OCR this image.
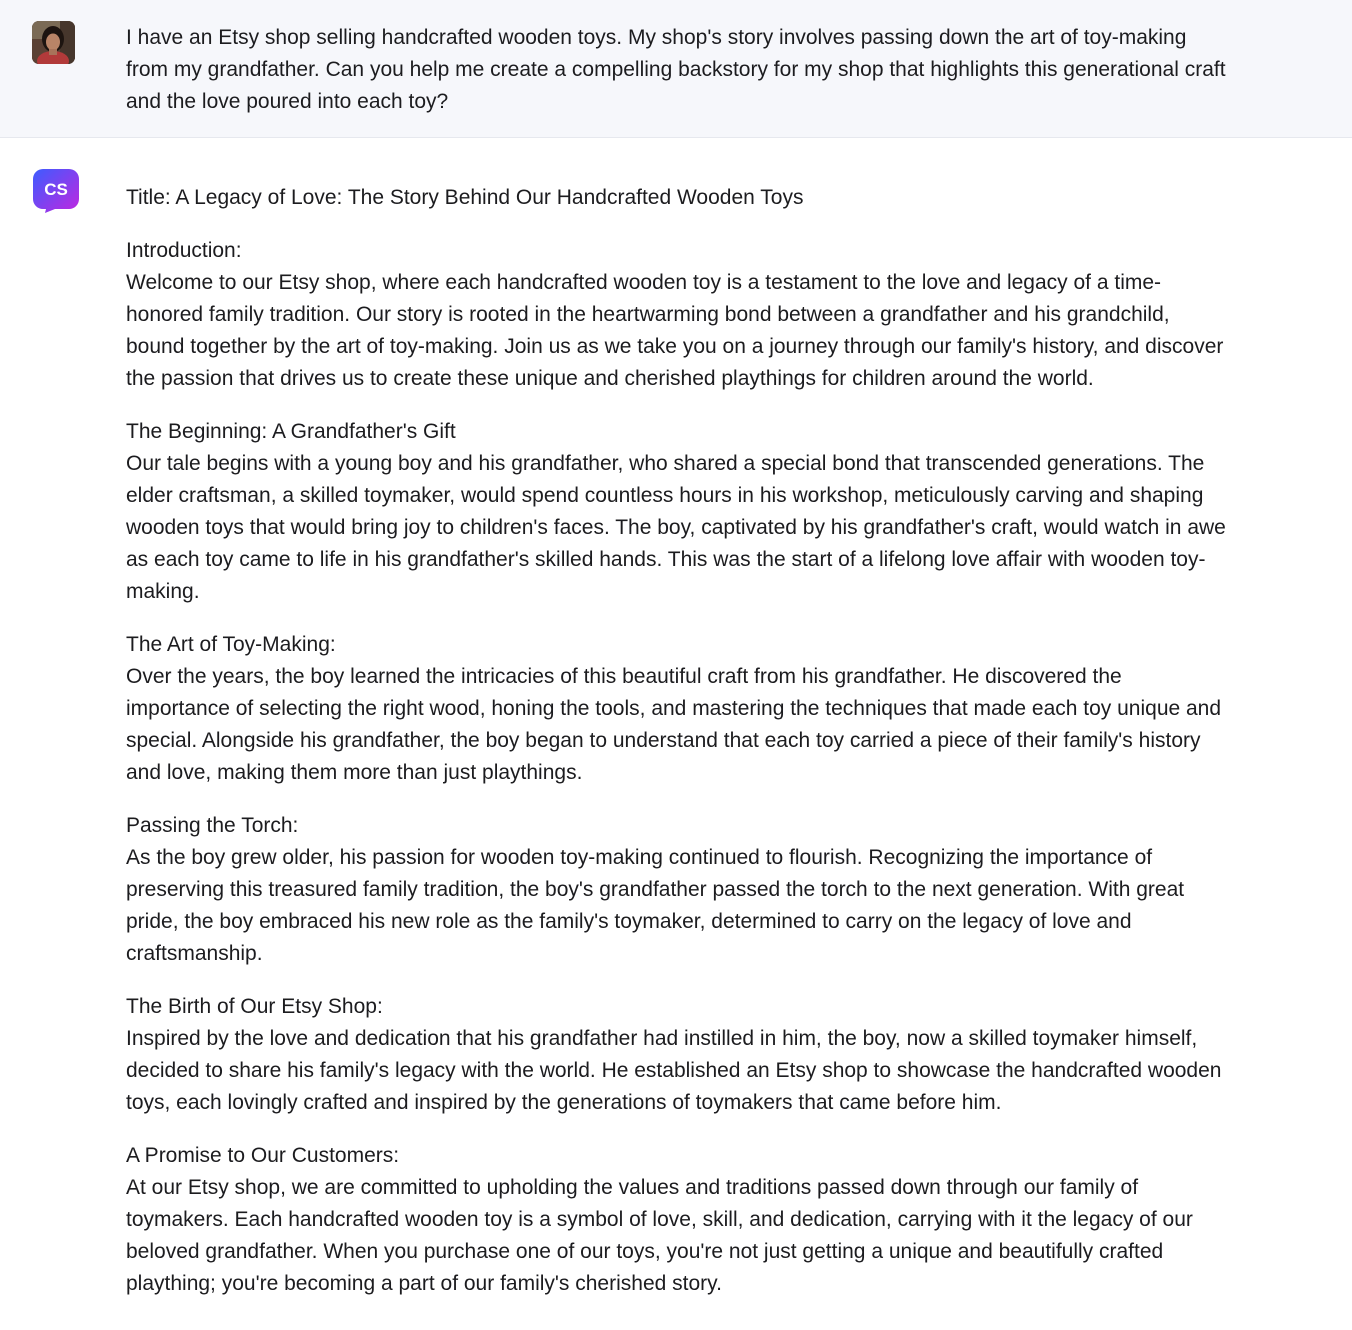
I have an Etsy shop selling handcrafted wooden toys. My shop's story involves passing down the art of toy-making from my grandfather. Can you help me create a compelling backstory for my shop that highlights this generational craft and the love poured into each toy?

CS	Title: A Legacy of Love: The Story Behind Our Handcrafted Wooden Toys

Introduction:
Welcome to our Etsy shop, where each handcrafted wooden toy is a testament to the love and legacy of a time-honored family tradition. Our story is rooted in the heartwarming bond between a grandfather and his grandchild, bound together by the art of toy-making. Join us as we take you on a journey through our family's history, and discover the passion that drives us to create these unique and cherished playthings for children around the world.

The Beginning: A Grandfather's Gift
Our tale begins with a young boy and his grandfather, who shared a special bond that transcended generations. The elder craftsman, a skilled toymaker, would spend countless hours in his workshop, meticulously carving and shaping wooden toys that would bring joy to children's faces. The boy, captivated by his grandfather's craft, would watch in awe as each toy came to life in his grandfather's skilled hands. This was the start of a lifelong love affair with wooden toy-making.

The Art of Toy-Making:
Over the years, the boy learned the intricacies of this beautiful craft from his grandfather. He discovered the importance of selecting the right wood, honing the tools, and mastering the techniques that made each toy unique and special. Alongside his grandfather, the boy began to understand that each toy carried a piece of their family's history and love, making them more than just playthings.

Passing the Torch:
As the boy grew older, his passion for wooden toy-making continued to flourish. Recognizing the importance of preserving this treasured family tradition, the boy's grandfather passed the torch to the next generation. With great pride, the boy embraced his new role as the family's toymaker, determined to carry on the legacy of love and craftsmanship.

The Birth of Our Etsy Shop:
Inspired by the love and dedication that his grandfather had instilled in him, the boy, now a skilled toymaker himself, decided to share his family's legacy with the world. He established an Etsy shop to showcase the handcrafted wooden toys, each lovingly crafted and inspired by the generations of toymakers that came before him.

A Promise to Our Customers:
At our Etsy shop, we are committed to upholding the values and traditions passed down through our family of toymakers. Each handcrafted wooden toy is a symbol of love, skill, and dedication, carrying with it the legacy of our beloved grandfather. When you purchase one of our toys, you're not just getting a unique and beautifully crafted plaything; you're becoming a part of our family's cherished story.
